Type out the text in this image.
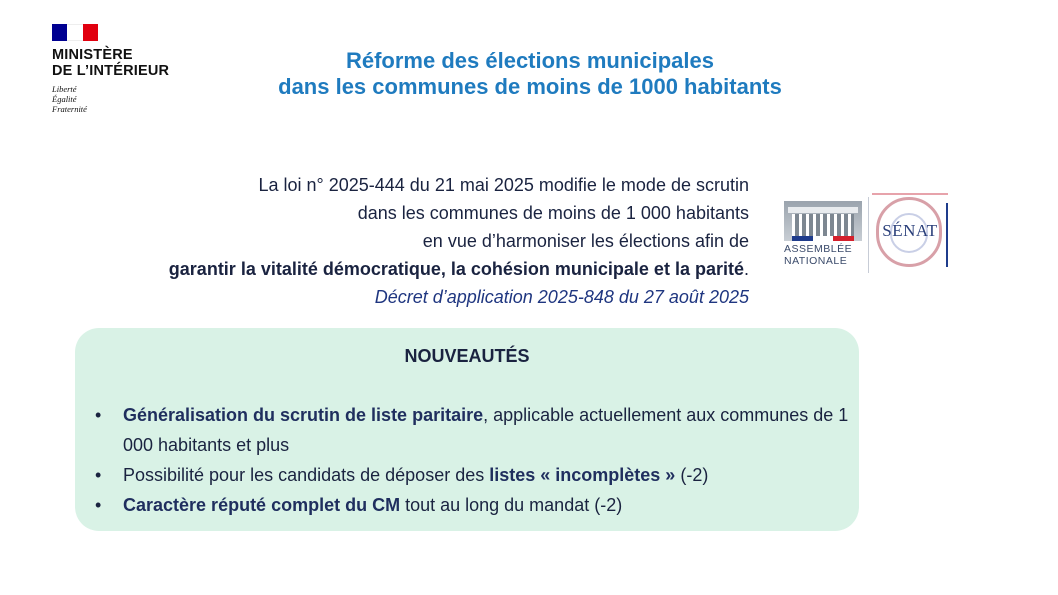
MINISTÈRE
DE L’INTÉRIEUR
Liberté
Égalité
Fraternité
Réforme des élections municipales
dans les communes de moins de 1000 habitants
La loi n° 2025-444 du 21 mai 2025 modifie le mode de scrutin
dans les communes de moins de 1 000 habitants
en vue d’harmoniser les élections afin de
garantir la vitalité démocratique, la cohésion municipale et la parité.
Décret d’application 2025-848 du 27 août 2025
ASSEMBLÉE
NATIONALE
SÉNAT
NOUVEAUTÉS
• Généralisation du scrutin de liste paritaire, applicable actuellement aux communes de 1 000 habitants et plus
• Possibilité pour les candidats de déposer des listes « incomplètes » (-2)
• Caractère réputé complet du CM tout au long du mandat (-2)
